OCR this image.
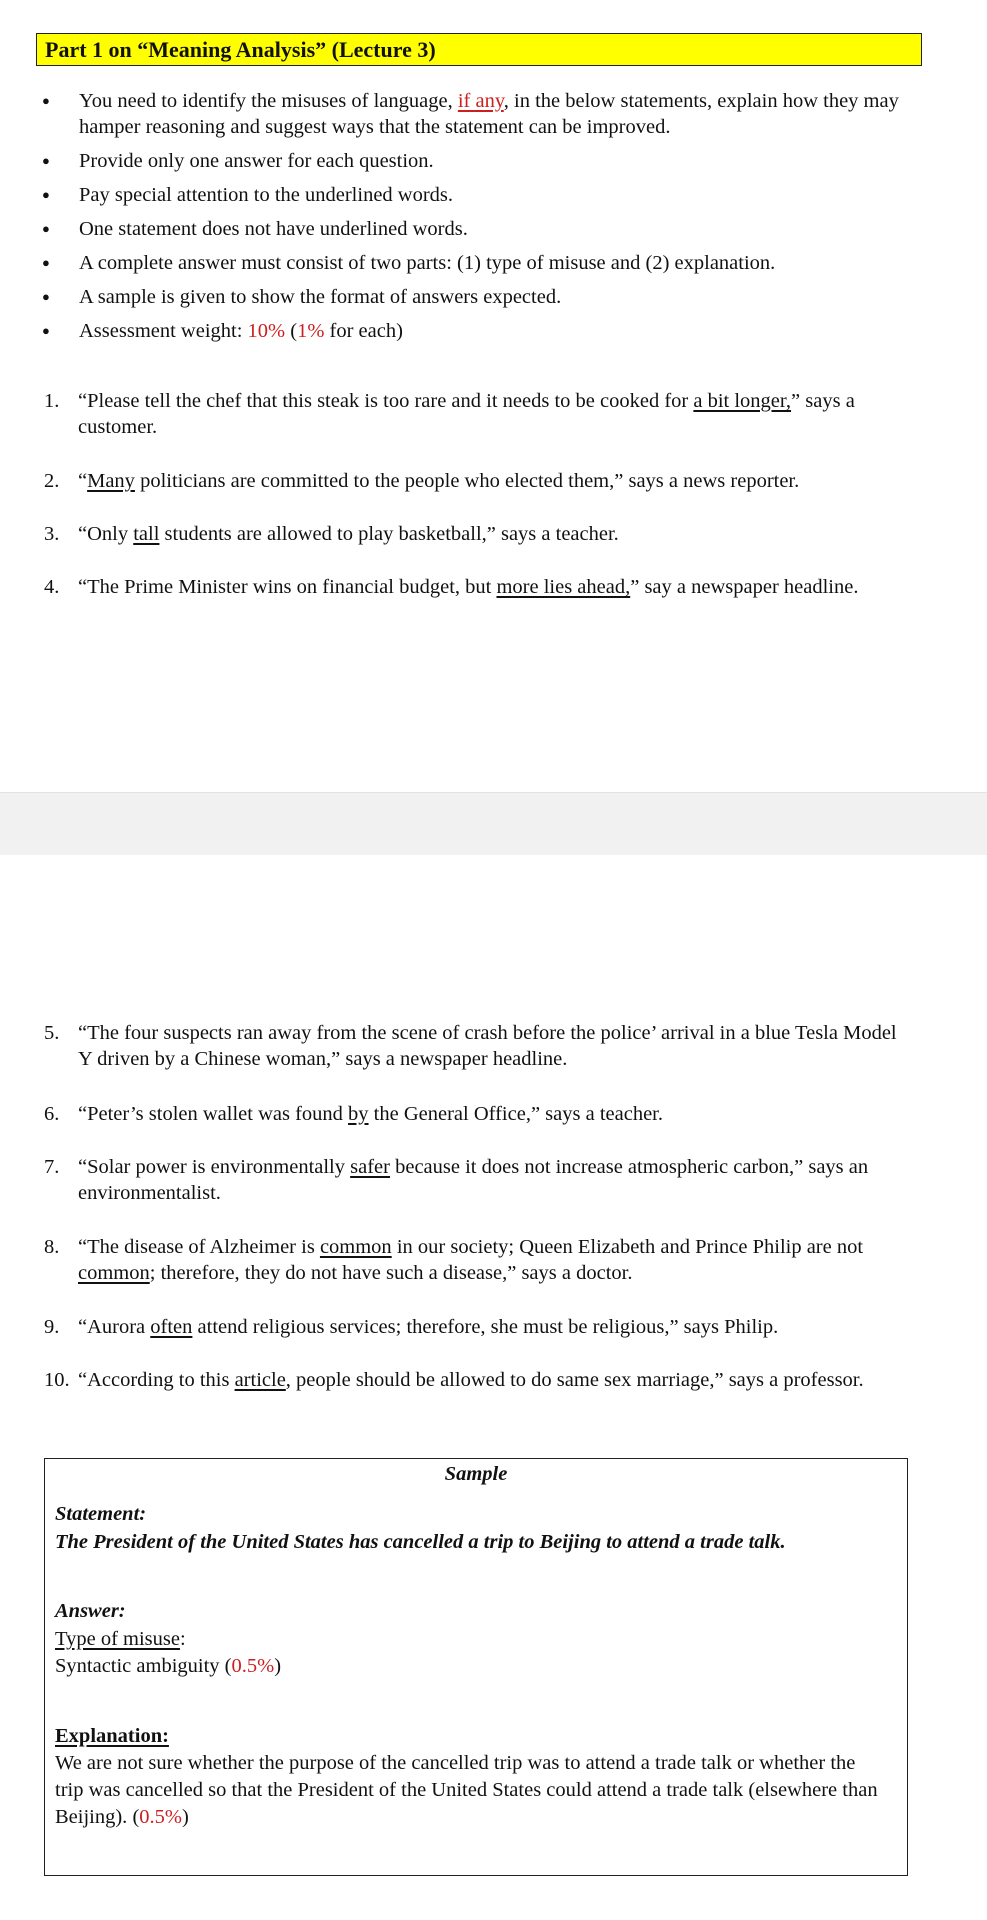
Part 1 on “Meaning Analysis” (Lecture 3)
● You need to identify the misuses of language, if any, in the below statements, explain how they may hamper reasoning and suggest ways that the statement can be improved.
● Provide only one answer for each question.
● Pay special attention to the underlined words.
● One statement does not have underlined words.
● A complete answer must consist of two parts: (1) type of misuse and (2) explanation.
● A sample is given to show the format of answers expected.
● Assessment weight: 10% (1% for each)
1. “Please tell the chef that this steak is too rare and it needs to be cooked for a bit longer,” says a customer.
2. “Many politicians are committed to the people who elected them,” says a news reporter.
3. “Only tall students are allowed to play basketball,” says a teacher.
4. “The Prime Minister wins on financial budget, but more lies ahead,” say a newspaper headline.
5. “The four suspects ran away from the scene of crash before the police’ arrival in a blue Tesla Model Y driven by a Chinese woman,” says a newspaper headline.
6. “Peter’s stolen wallet was found by the General Office,” says a teacher.
7. “Solar power is environmentally safer because it does not increase atmospheric carbon,” says an environmentalist.
8. “The disease of Alzheimer is common in our society; Queen Elizabeth and Prince Philip are not common; therefore, they do not have such a disease,” says a doctor.
9. “Aurora often attend religious services; therefore, she must be religious,” says Philip.
10. “According to this article, people should be allowed to do same sex marriage,” says a professor.
Sample
Statement:
The President of the United States has cancelled a trip to Beijing to attend a trade talk.
Answer:
Type of misuse:
Syntactic ambiguity (0.5%)
Explanation:
We are not sure whether the purpose of the cancelled trip was to attend a trade talk or whether the trip was cancelled so that the President of the United States could attend a trade talk (elsewhere than Beijing). (0.5%)
